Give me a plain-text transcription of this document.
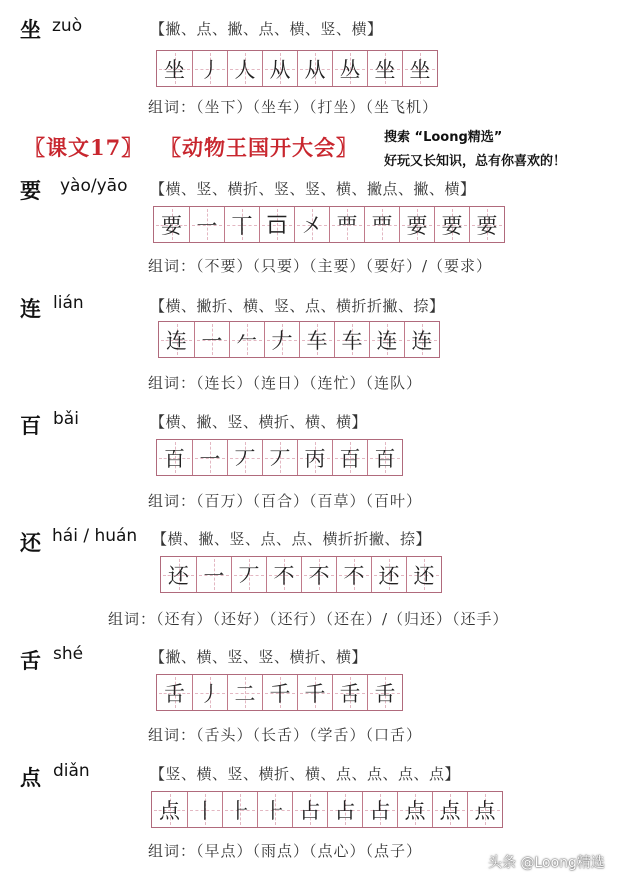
坐 zuò	【撇、点、撇、点、横、竖、横】
坐 丿 人 从 从 丛 坐 坐
组词：（坐下）（坐车）（打坐）（坐飞机）
〖课文17〗 〖动物王国开大会〗 搜索 “Loong精选”
好玩又长知识，总有你喜欢的！
要 yào/yāo 【横、竖、横折、竖、竖、横、撇点、撇、横】
要 一 丅 𠮛 㐅 覀 覀 要 要 要
组词：（不要）（只要）（主要）（要好）/（要求）
连 lián	【横、撇折、横、竖、点、横折折撇、捺】
连 一 𠂉 𠂇 车 车 连 连
组词：（连长）（连日）（连忙）（连队）
百 bǎi	【横、撇、竖、横折、横、横】
百 一 丆 丆 丙 百 百
组词：（百万）（百合）（百草）（百叶）
还 hái / huán 【横、撇、竖、点、点、横折折撇、捺】
还 一 丆 不 不 不 还 还
组词：（还有）（还好）（还行）（还在）/（归还）（还手）
舌 shé	【撇、横、竖、竖、横折、横】
舌 丿 二 千 千 舌 舌
组词：（舌头）（长舌）（学舌）（口舌）
点 diǎn	【竖、横、竖、横折、横、点、点、点、点】
点 丨 ⺊ ⺊ 占 占 占 点 点 点
组词：（早点）（雨点）（点心）（点子）
头条 @Loong精选
